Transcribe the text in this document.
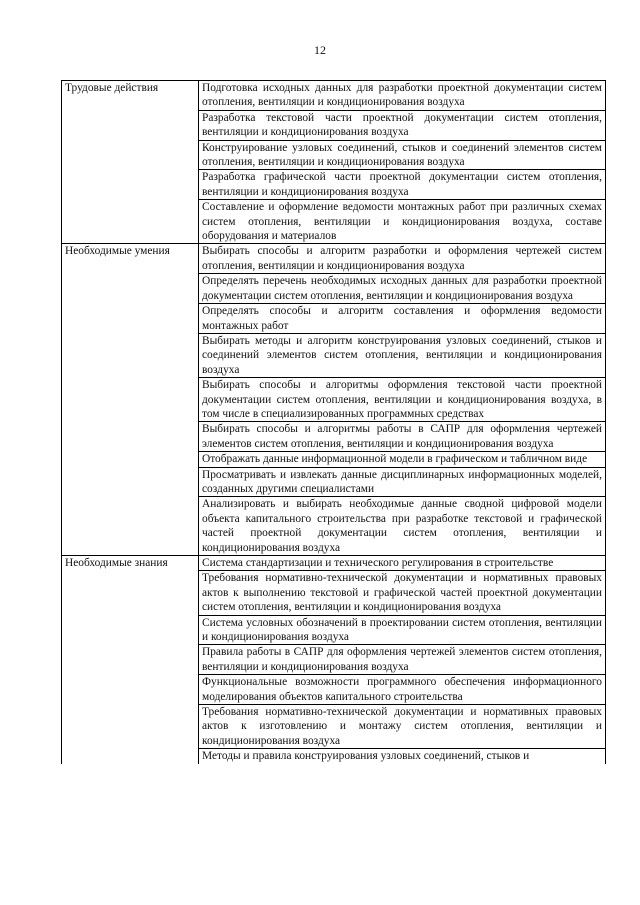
12
Трудовые действия	Подготовка исходных данных для разработки проектной документации систем отопления, вентиляции и кондиционирования воздуха
	Разработка текстовой части проектной документации систем отопления, вентиляции и кондиционирования воздуха
	Конструирование узловых соединений, стыков и соединений элементов систем отопления, вентиляции и кондиционирования воздуха
	Разработка графической части проектной документации систем отопления, вентиляции и кондиционирования воздуха
	Составление и оформление ведомости монтажных работ при различных схемах систем отопления, вентиляции и кондиционирования воздуха, составе оборудования и материалов
Необходимые умения	Выбирать способы и алгоритм разработки и оформления чертежей систем отопления, вентиляции и кондиционирования воздуха
	Определять перечень необходимых исходных данных для разработки проектной документации систем отопления, вентиляции и кондиционирования воздуха
	Определять способы и алгоритм составления и оформления ведомости монтажных работ
	Выбирать методы и алгоритм конструирования узловых соединений, стыков и соединений элементов систем отопления, вентиляции и кондиционирования воздуха
	Выбирать способы и алгоритмы оформления текстовой части проектной документации систем отопления, вентиляции и кондиционирования воздуха, в том числе в специализированных программных средствах
	Выбирать способы и алгоритмы работы в САПР для оформления чертежей элементов систем отопления, вентиляции и кондиционирования воздуха
	Отображать данные информационной модели в графическом и табличном виде
	Просматривать и извлекать данные дисциплинарных информационных моделей, созданных другими специалистами
	Анализировать и выбирать необходимые данные сводной цифровой модели объекта капитального строительства при разработке текстовой и графической частей проектной документации систем отопления, вентиляции и кондиционирования воздуха
Необходимые знания	Система стандартизации и технического регулирования в строительстве
	Требования нормативно-технической документации и нормативных правовых актов к выполнению текстовой и графической частей проектной документации систем отопления, вентиляции и кондиционирования воздуха
	Система условных обозначений в проектировании систем отопления, вентиляции и кондиционирования воздуха
	Правила работы в САПР для оформления чертежей элементов систем отопления, вентиляции и кондиционирования воздуха
	Функциональные возможности программного обеспечения информационного моделирования объектов капитального строительства
	Требования нормативно-технической документации и нормативных правовых актов к изготовлению и монтажу систем отопления, вентиляции и кондиционирования воздуха
	Методы и правила конструирования узловых соединений, стыков и
